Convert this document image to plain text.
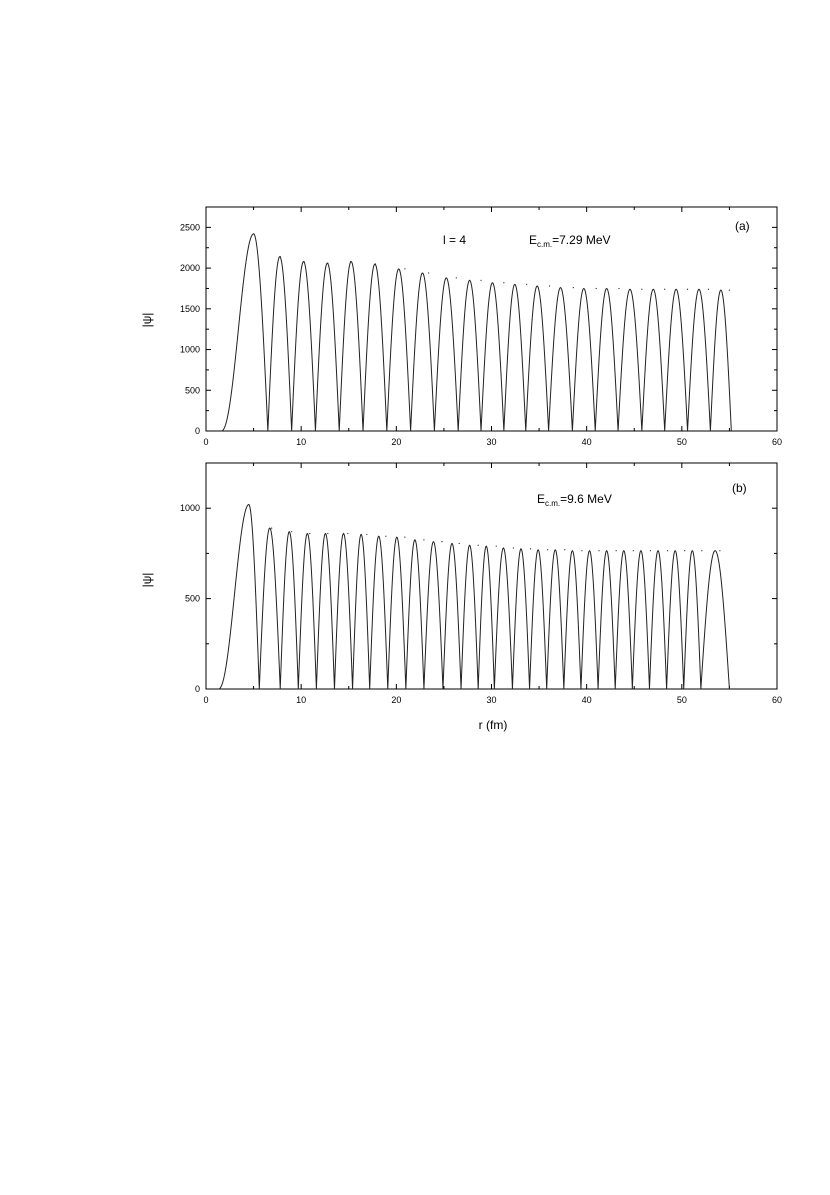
0	10	20	30	40	50	60
0
500
1000
1500
2000
2500
|ψ|
l = 4	$E_{c.m.}=7.29$ MeV
(a)
0	10	20	30	40	50	60
0
500
1000
|ψ|
$E_{c.m.}=9.6$ MeV
(b)
r (fm)
